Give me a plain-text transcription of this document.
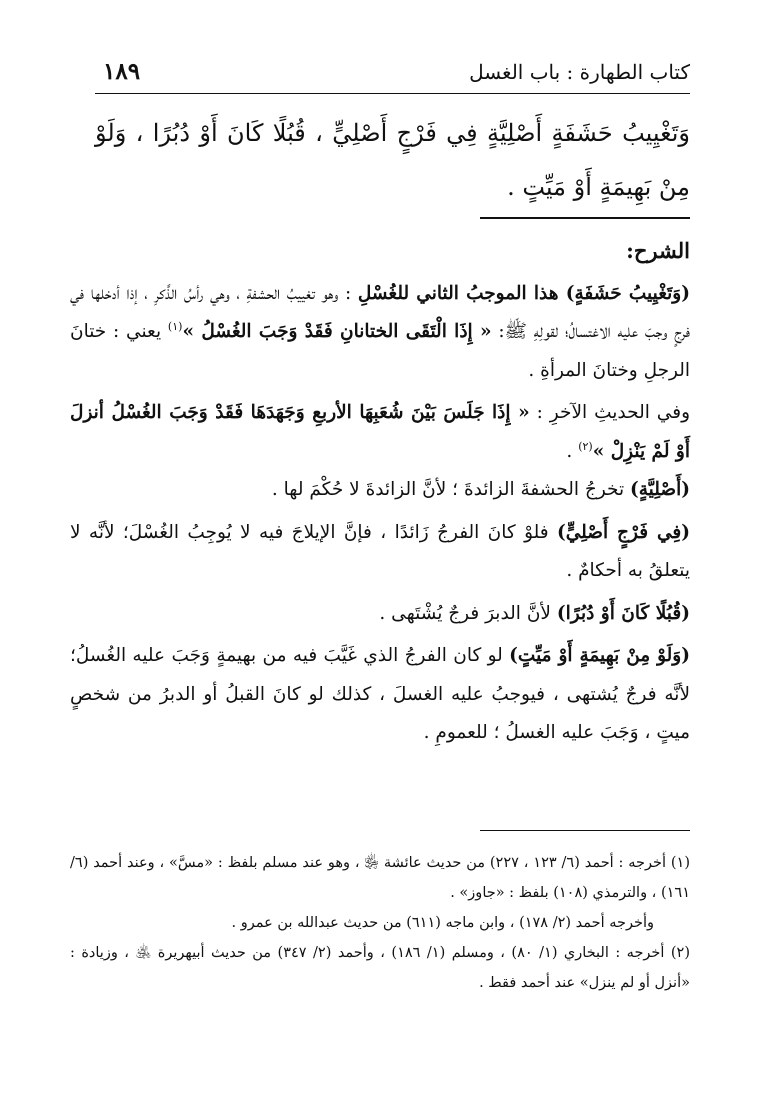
كتاب الطهارة : باب الغسل
١٨٩
وَتَغْيِيبُ حَشَفَةٍ أَصْلِيَّةٍ فِي فَرْجٍ أَصْلِيٍّ ، قُبُلًا كَانَ أَوْ دُبُرًا ، وَلَوْ مِنْ بَهِيمَةٍ أَوْ مَيِّتٍ .

الشرح:

(وَتَغْيِيبُ حَشَفَةٍ) هذا الموجبُ الثاني للغُسْلِ : وهو تغييبُ الحشفةِ ، وهي رأسُ الذَّكرِ ، إذا أدخلها في فرجٍ وجبَ عليه الاغتسالُ؛ لقولِهِ ﷺ: « إِذَا الْتَقَى الختانانِ فَقَدْ وَجَبَ الغُسْلُ »$^{(١)}$ يعني : ختانَ الرجلِ وختانَ المرأةِ .

وفي الحديثِ الآخرِ : « إِذَا جَلَسَ بَيْنَ شُعَبِهَا الأربعِ وَجَهَدَهَا فَقَدْ وَجَبَ الغُسْلُ أنزلَ أَوْ لَمْ يَنْزِلْ »$^{(٢)}$ .

(أَصْلِيَّةٍ) تخرجُ الحشفةَ الزائدةَ ؛ لأنَّ الزائدةَ لا حُكْمَ لها .

(فِي فَرْجٍ أَصْلِيٍّ) فلوْ كانَ الفرجُ زَائدًا ، فإنَّ الإيلاجَ فيه لا يُوجِبُ الغُسْلَ؛ لأنَّه لا يتعلقُ به أحكامٌ .

(قُبُلًا كَانَ أَوْ دُبُرًا) لأنَّ الدبرَ فرجٌ يُشْتَهى .

(وَلَوْ مِنْ بَهِيمَةٍ أَوْ مَيِّتٍ) لو كان الفرجُ الذي غَيَّبَ فيه من بهيمةٍ وَجَبَ عليه الغُسلُ؛ لأنَّه فرجٌ يُشتهى ، فيوجبُ عليه الغسلَ ، كذلك لو كانَ القبلُ أو الدبرُ من شخصٍ ميتٍ ، وَجَبَ عليه الغسلُ ؛ للعمومِ .

(١) أخرجه : أحمد (٦/ ١٢٣ ، ٢٢٧) من حديث عائشة ﵂ ، وهو عند مسلم بلفظ : «مسَّ» ، وعند أحمد (٦/ ١٦١) ، والترمذي (١٠٨) بلفظ : «جاوز» .

وأخرجه أحمد (٢/ ١٧٨) ، وابن ماجه (٦١١) من حديث عبدالله بن عمرو .

(٢) أخرجه : البخاري (١/ ٨٠) ، ومسلم (١/ ١٨٦) ، وأحمد (٢/ ٣٤٧) من حديث أبيهريرة ﵁ ، وزيادة : «أنزل أو لم ينزل» عند أحمد فقط .
